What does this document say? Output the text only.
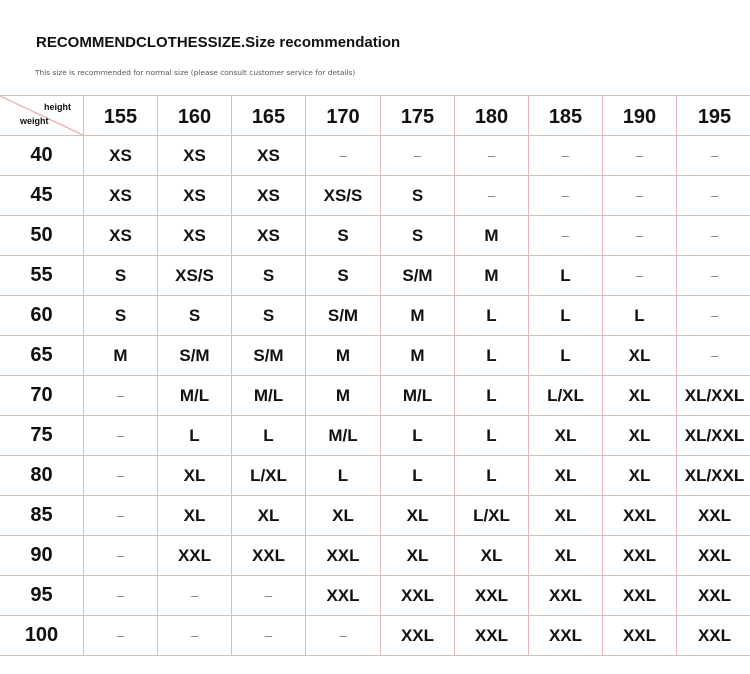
RECOMMENDCLOTHESSIZE.Size recommendation
This size is recommended for normal size (please consult customer service for details)
height
weight	155	160	165	170	175	180	185	190	195
40	XS	XS	XS	–	–	–	–	–	–
45	XS	XS	XS	XS/S	S	–	–	–	–
50	XS	XS	XS	S	S	M	–	–	–
55	S	XS/S	S	S	S/M	M	L	–	–
60	S	S	S	S/M	M	L	L	L	–
65	M	S/M	S/M	M	M	L	L	XL	–
70	–	M/L	M/L	M	M/L	L	L/XL	XL	XL/XXL
75	–	L	L	M/L	L	L	XL	XL	XL/XXL
80	–	XL	L/XL	L	L	L	XL	XL	XL/XXL
85	–	XL	XL	XL	XL	L/XL	XL	XXL	XXL
90	–	XXL	XXL	XXL	XL	XL	XL	XXL	XXL
95	–	–	–	XXL	XXL	XXL	XXL	XXL	XXL
100	–	–	–	–	XXL	XXL	XXL	XXL	XXL
